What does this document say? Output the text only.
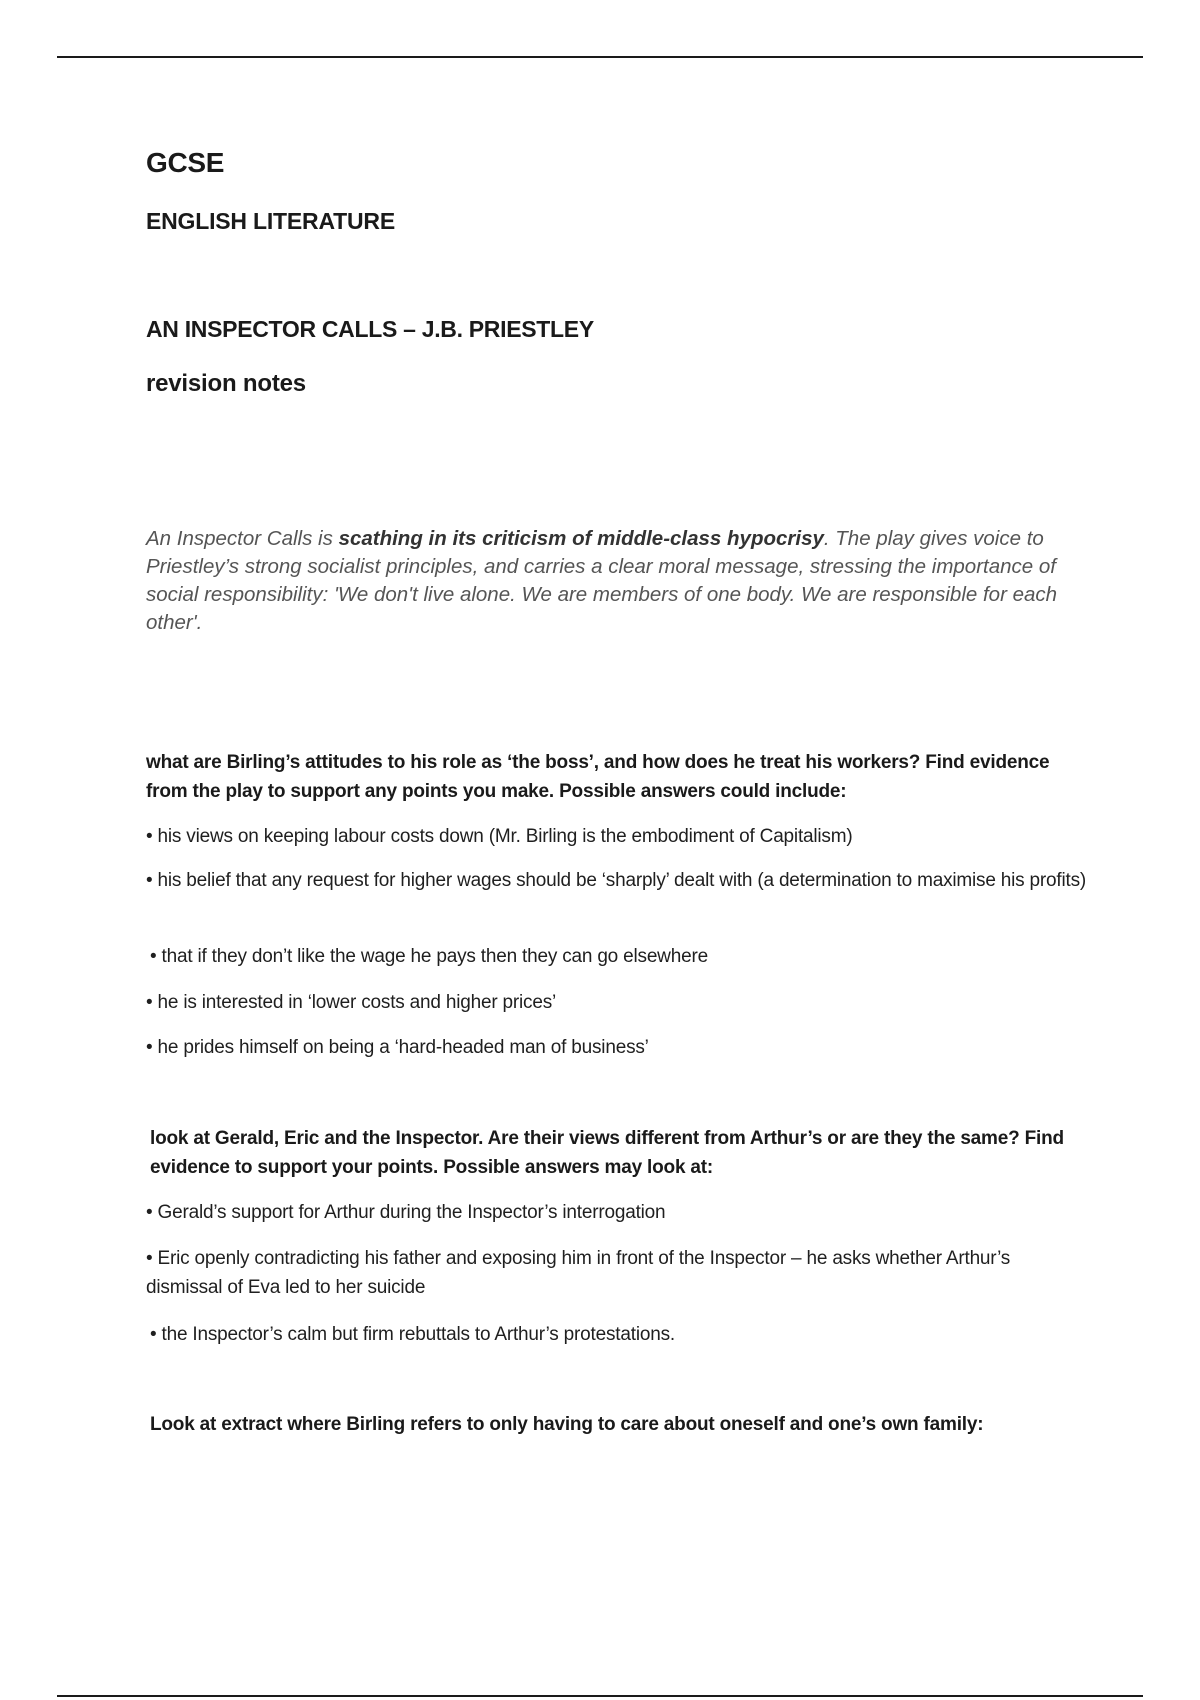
GCSE
ENGLISH LITERATURE
AN INSPECTOR CALLS – J.B. PRIESTLEY
revision notes

An Inspector Calls is scathing in its criticism of middle-class hypocrisy. The play gives voice to Priestley’s strong socialist principles, and carries a clear moral message, stressing the importance of social responsibility: 'We don't live alone. We are members of one body. We are responsible for each other'.

what are Birling’s attitudes to his role as ‘the boss’, and how does he treat his workers? Find evidence from the play to support any points you make. Possible answers could include:

• his views on keeping labour costs down (Mr. Birling is the embodiment of Capitalism)

• his belief that any request for higher wages should be ‘sharply’ dealt with (a determination to maximise his profits)

• that if they don’t like the wage he pays then they can go elsewhere

• he is interested in ‘lower costs and higher prices’

• he prides himself on being a ‘hard-headed man of business’

look at Gerald, Eric and the Inspector. Are their views different from Arthur’s or are they the same? Find evidence to support your points. Possible answers may look at:

• Gerald’s support for Arthur during the Inspector’s interrogation

• Eric openly contradicting his father and exposing him in front of the Inspector – he asks whether Arthur’s dismissal of Eva led to her suicide

• the Inspector’s calm but firm rebuttals to Arthur’s protestations.

Look at extract where Birling refers to only having to care about oneself and one’s own family:
